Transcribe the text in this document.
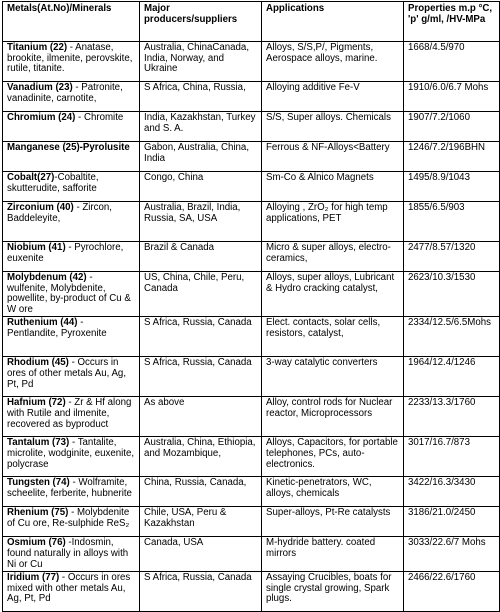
Metals(At.No)/Minerals	Major producers/suppliers	Applications	Properties m.p °C, 'p' g/ml, /HV-MPa
Titanium (22) - Anatase, brookite, ilmenite, perovskite, rutile, titanite.	Australia, ChinaCanada, India, Norway, and Ukraine	Alloys, S/S,P/, Pigments, Aerospace alloys, marine.	1668/4.5/970
Vanadium (23) - Patronite, vanadinite, carnotite,	S Africa, China, Russia,	Alloying additive Fe-V	1910/6.0/6.7 Mohs
Chromium (24) - Chromite	India, Kazakhstan, Turkey and S. A.	S/S, Super alloys. Chemicals	1907/7.2/1060
Manganese (25)-Pyrolusite	Gabon, Australia, China, India	Ferrous & NF-Alloys<Battery	1246/7.2/196BHN
Cobalt(27)-Cobaltite, skutterudite, safforite	Congo, China	Sm-Co & Alnico Magnets	1495/8.9/1043
Zirconium (40) - Zircon, Baddeleyite,	Australia, Brazil, India, Russia, SA, USA	Alloying , ZrO₂ for high temp applications, PET	1855/6.5/903
Niobium (41) - Pyrochlore, euxenite	Brazil & Canada	Micro & super alloys, electro-ceramics,	2477/8.57/1320
Molybdenum (42) - wulfenite, Molybdenite, powellite, by-product of Cu & W ore	US, China, Chile, Peru, Canada	Alloys, super alloys, Lubricant & Hydro cracking catalyst,	2623/10.3/1530
Ruthenium (44) - Pentlandite, Pyroxenite	S Africa, Russia, Canada	Elect. contacts, solar cells, resistors, catalyst,	2334/12.5/6.5Mohs
Rhodium (45) - Occurs in ores of other metals Au, Ag, Pt, Pd	S Africa, Russia, Canada	3-way catalytic converters	1964/12.4/1246
Hafnium (72) - Zr & Hf along with Rutile and ilmenite, recovered as byproduct	As above	Alloy, control rods for Nuclear reactor, Microprocessors	2233/13.3/1760
Tantalum (73) - Tantalite, microlite, wodginite, euxenite, polycrase	Australia, China, Ethiopia, and Mozambique,	Alloys, Capacitors, for portable telephones, PCs, auto- electronics.	3017/16.7/873
Tungsten (74) - Wolframite, scheelite, ferberite, hubnerite	China, Russia, Canada,	Kinetic-penetrators, WC, alloys, chemicals	3422/16.3/3430
Rhenium (75) - Molybdenite of Cu ore, Re-sulphide ReS₂	Chile, USA, Peru & Kazakhstan	Super-alloys, Pt-Re catalysts	3186/21.0/2450
Osmium (76) -Indosmin, found naturally in alloys with Ni or Cu	Canada, USA	M-hydride battery. coated mirrors	3033/22.6/7 Mohs
Iridium (77) - Occurs in ores mixed with other metals Au, Ag, Pt, Pd	S Africa, Russia, Canada	Assaying Crucibles, boats for single crystal growing, Spark plugs.	2466/22.6/1760
